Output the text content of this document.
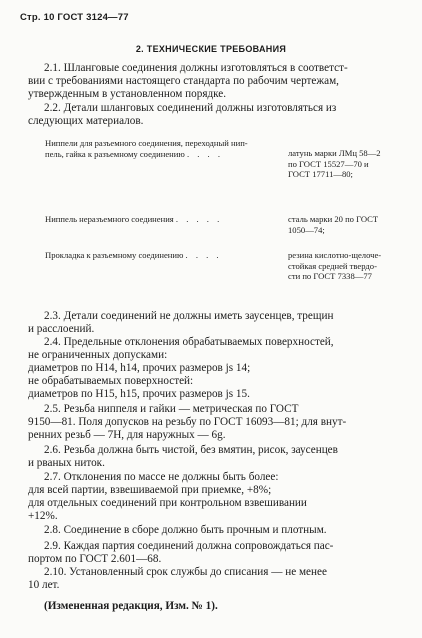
Стр. 10 ГОСТ 3124—77
2. ТЕХНИЧЕСКИЕ ТРЕБОВАНИЯ
2.1. Шланговые соединения должны изготовляться в соответст-
вии с требованиями настоящего стандарта по рабочим чертежам,
утвержденным в установленном порядке.
2.2. Детали шланговых соединений должны изготовляться из
следующих материалов.
Ниппели для разъемного соединения, переходный нип-
пель, гайка к разъемному соединению . . . .	латунь марки ЛМц 58—2
по ГОСТ 15527—70 и
ГОСТ 17711—80;
Ниппель неразъемного соединения . . . . .	сталь марки 20 по ГОСТ
1050—74;
Прокладка к разъемному соединению . . . .	резина кислотно-щелоче-
стойкая средней твердо-
сти по ГОСТ 7338—77
2.3. Детали соединений не должны иметь заусенцев, трещин
и расслоений.
2.4. Предельные отклонения обрабатываемых поверхностей,
не ограниченных допусками:
диаметров по H14, h14, прочих размеров js 14;
не обрабатываемых поверхностей:
диаметров по H15, h15, прочих размеров js 15.
2.5. Резьба ниппеля и гайки — метрическая по ГОСТ
9150—81. Поля допусков на резьбу по ГОСТ 16093—81; для внут-
ренних резьб — 7H, для наружных — 6g.
2.6. Резьба должна быть чистой, без вмятин, рисок, заусенцев
и рваных ниток.
2.7. Отклонения по массе не должны быть более:
для всей партии, взвешиваемой при приемке, +8%;
для отдельных соединений при контрольном взвешивании
+12%.
2.8. Соединение в сборе должно быть прочным и плотным.
2.9. Каждая партия соединений должна сопровождаться пас-
портом по ГОСТ 2.601—68.
2.10. Установленный срок службы до списания — не менее
10 лет.
(Измененная редакция, Изм. № 1).
